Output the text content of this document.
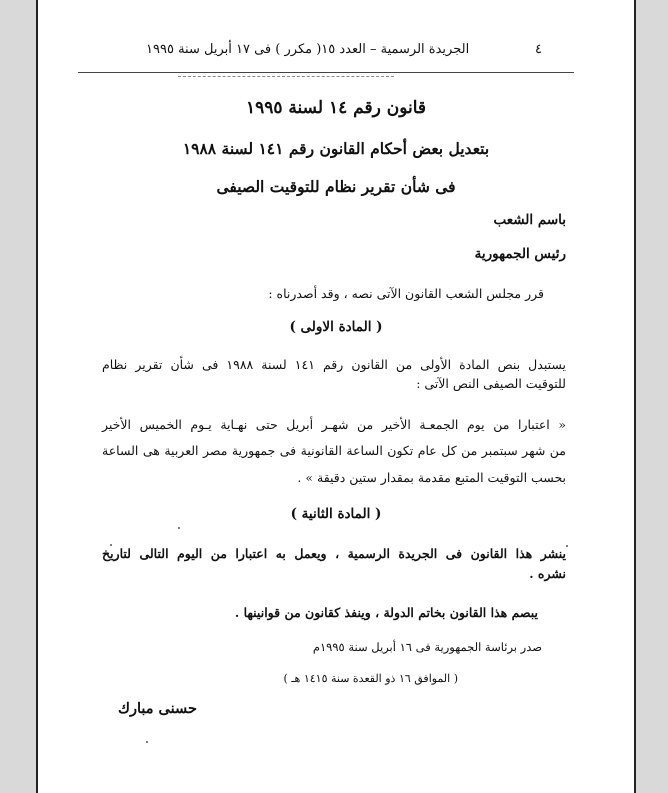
٤
الجريدة الرسمية – العدد ١٥( مكرر ) فى ١٧ أبريل سنة ١٩٩٥
قانون رقم ١٤ لسنة ١٩٩٥
بتعديل بعض أحكام القانون رقم ١٤١ لسنة ١٩٨٨
فى شأن تقرير نظام للتوقيت الصيفى
باسم الشعب
رئيس الجمهورية
قرر مجلس الشعب القانون الآتى نصه ، وقد أصدرناه :
( المادة الاولى )
يستبدل بنص المادة الأولى من القانون رقم ١٤١ لسنة ١٩٨٨ فى شأن تقرير نظام
للتوقيت الصيفى النص الآتى :
« اعتبارا من يوم الجمعـة الأخير من شهـر أبريل حتى نهـاية يـوم الخميس الأخير
من شهر سبتمبر من كل عام تكون الساعة القانونية فى جمهورية مصر العربية هى الساعة
بحسب التوقيت المتبع مقدمة بمقدار ستين دقيقة » .
( المادة الثانية )
ينشر هذا القانون فى الجريدة الرسمية ، ويعمل به اعتبارا من اليوم التالى لتاريخ
نشره .
يبصم هذا القانون بخاتم الدولة ، وينفذ كقانون من قوانينها .
صدر برئاسة الجمهورية فى ١٦ أبريل سنة ١٩٩٥م
( الموافق ١٦ ذو القعدة سنة ١٤١٥ هـ )
حسنى مبارك
